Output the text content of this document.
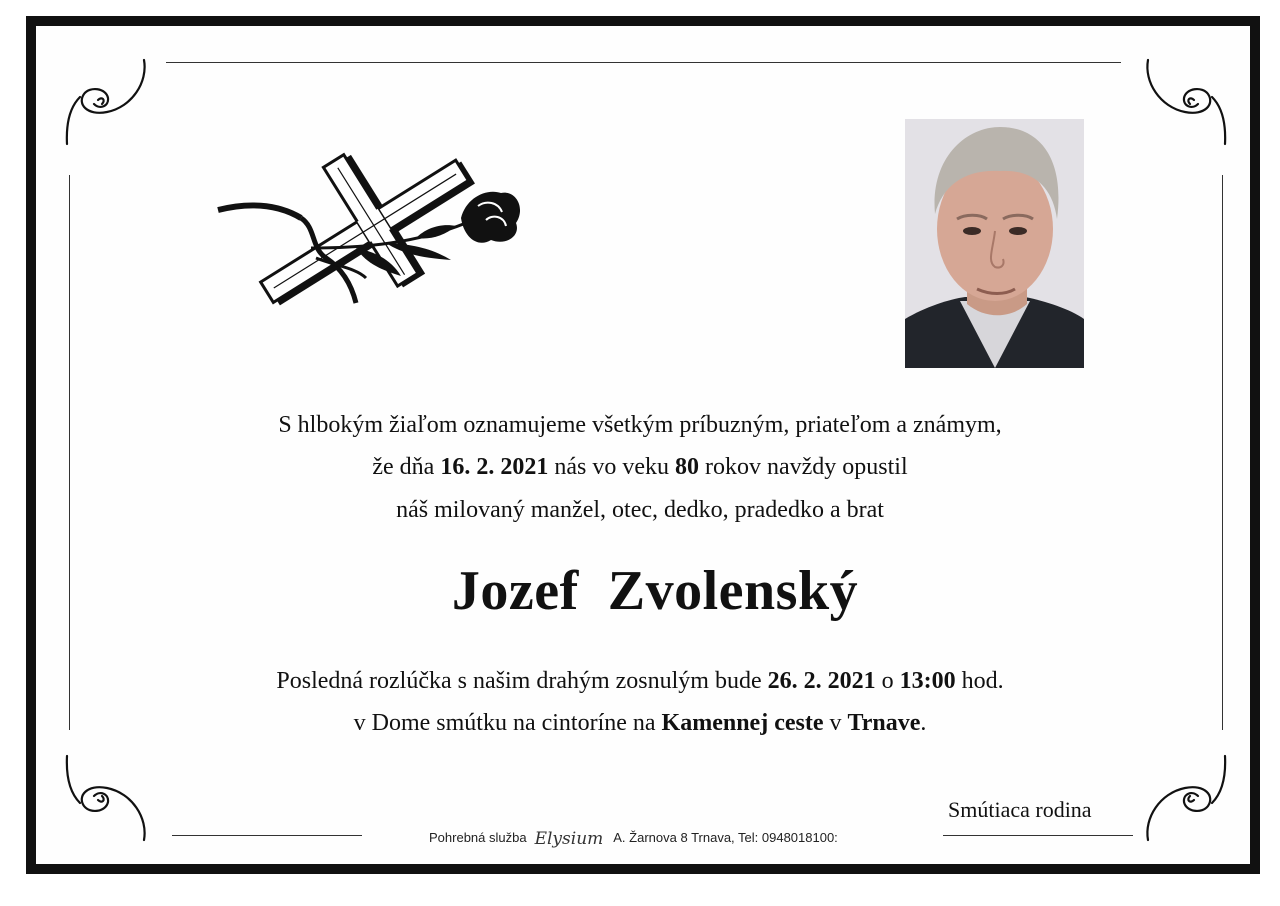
S hlbokým žiaľom oznamujeme všetkým príbuzným, priateľom a známym,
že dňa 16. 2. 2021 nás vo veku 80 rokov navždy opustil
náš milovaný manžel, otec, dedko, pradedko a brat
Jozef Zvolenský
Posledná rozlúčka s našim drahým zosnulým bude 26. 2. 2021 o 13:00 hod.
v Dome smútku na cintoríne na Kamennej ceste v Trnave.
Smútiaca rodina
Pohrebná služba Elysium A. Žarnova 8 Trnava, Tel: 0948018100:
